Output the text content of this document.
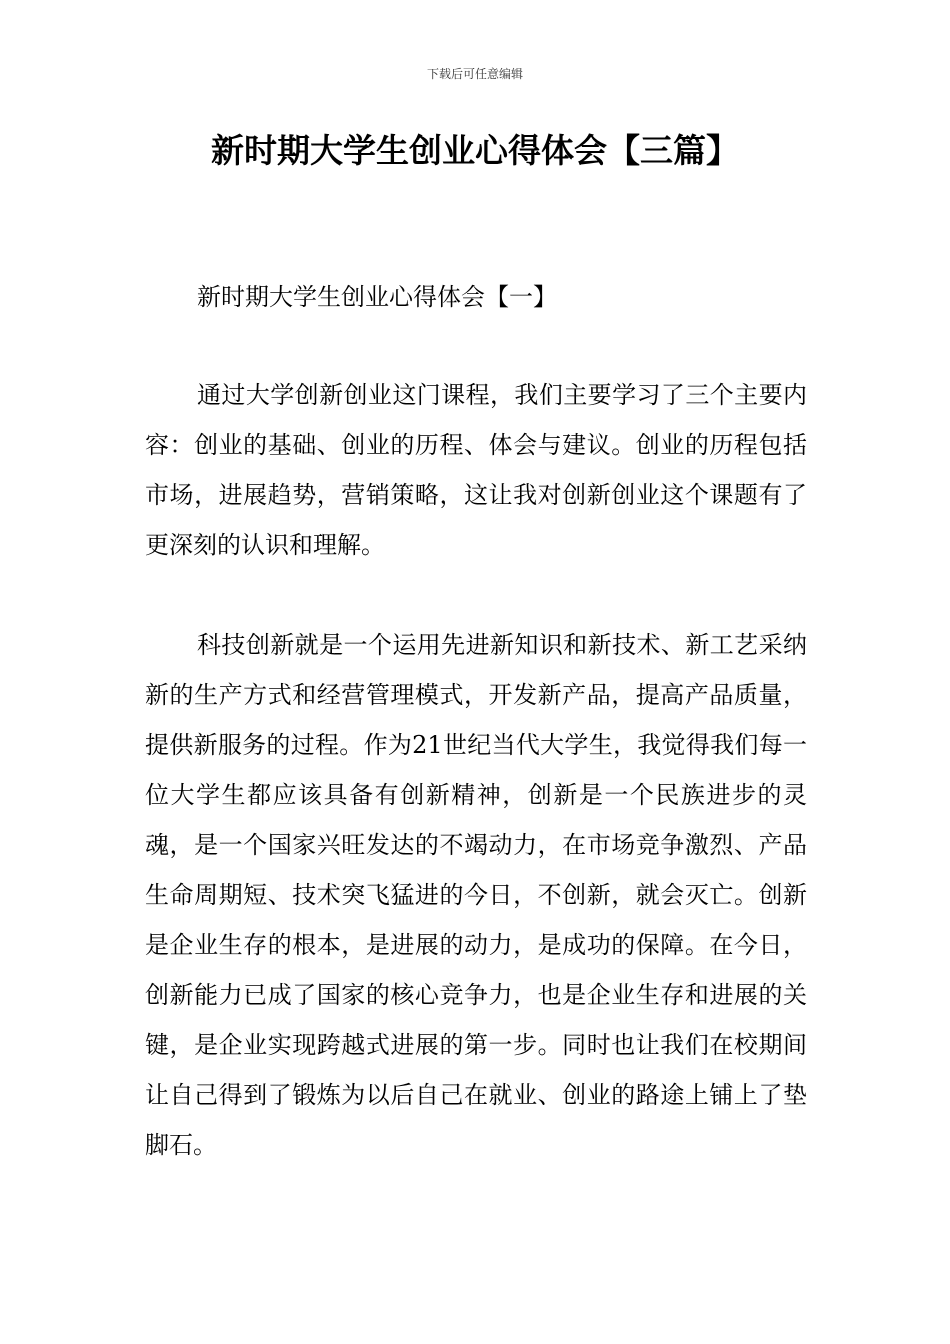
下载后可任意编辑
新时期大学生创业心得体会【三篇】
新时期大学生创业心得体会【一】

通过大学创新创业这门课程，我们主要学习了三个主要内容：创业的基础、创业的历程、体会与建议。创业的历程包括市场，进展趋势，营销策略，这让我对创新创业这个课题有了更深刻的认识和理解。

科技创新就是一个运用先进新知识和新技术、新工艺采纳新的生产方式和经营管理模式，开发新产品，提高产品质量，提供新服务的过程。作为21世纪当代大学生，我觉得我们每一位大学生都应该具备有创新精神，创新是一个民族进步的灵魂，是一个国家兴旺发达的不竭动力，在市场竞争激烈、产品生命周期短、技术突飞猛进的今日，不创新，就会灭亡。创新是企业生存的根本，是进展的动力，是成功的保障。在今日，创新能力已成了国家的核心竞争力，也是企业生存和进展的关键，是企业实现跨越式进展的第一步。同时也让我们在校期间让自己得到了锻炼为以后自己在就业、创业的路途上铺上了垫脚石。
